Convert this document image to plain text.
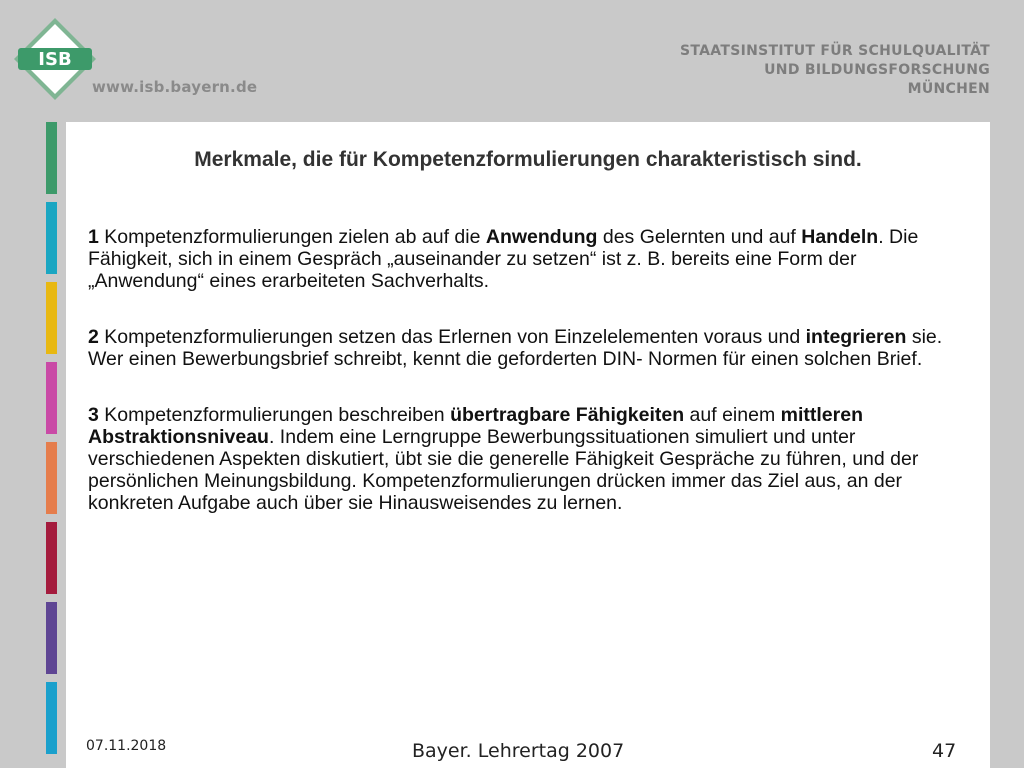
ISB
www.isb.bayern.de
STAATSINSTITUT FÜR SCHULQUALITÄT
UND BILDUNGSFORSCHUNG
MÜNCHEN
Merkmale, die für Kompetenzformulierungen charakteristisch sind.

1 Kompetenzformulierungen zielen ab auf die Anwendung des Gelernten und auf Handeln. Die Fähigkeit, sich in einem Gespräch „auseinander zu setzen“ ist z. B. bereits eine Form der „Anwendung“ eines erarbeiteten Sachverhalts.

2 Kompetenzformulierungen setzen das Erlernen von Einzelelementen voraus und integrieren sie. Wer einen Bewerbungsbrief schreibt, kennt die geforderten DIN- Normen für einen solchen Brief.

3 Kompetenzformulierungen beschreiben übertragbare Fähigkeiten auf einem mittleren Abstraktionsniveau. Indem eine Lerngruppe Bewerbungssituationen simuliert und unter verschiedenen Aspekten diskutiert, übt sie die generelle Fähigkeit Gespräche zu führen, und der persönlichen Meinungsbildung. Kompetenzformulierungen drücken immer das Ziel aus, an der konkreten Aufgabe auch über sie Hinausweisendes zu lernen.

07.11.2018	Bayer. Lehrertag 2007	47
